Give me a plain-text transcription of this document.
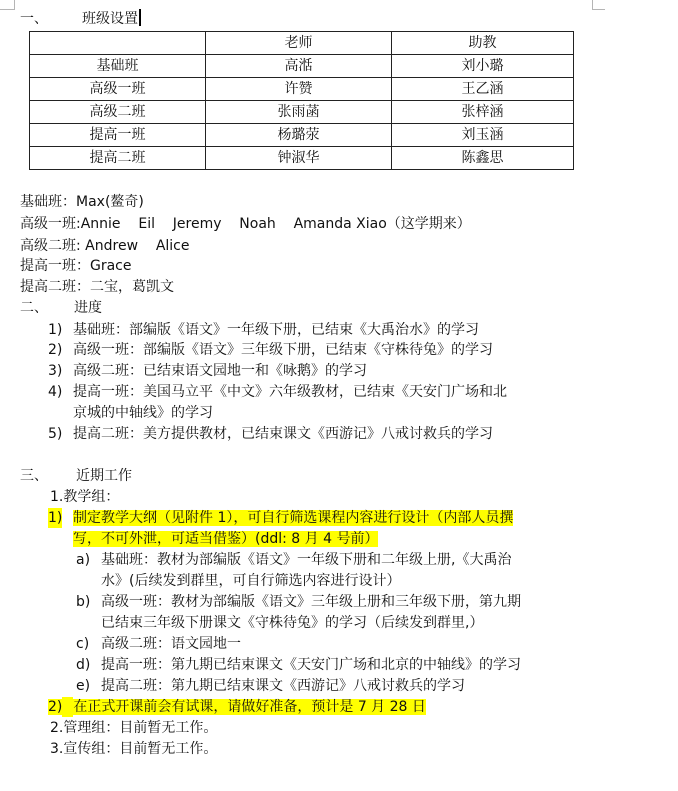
一、 班级设置
	老师	助教
基础班	高湉	刘小璐
高级一班	许赞	王乙涵
高级二班	张雨菡	张梓涵
提高一班	杨璐荥	刘玉涵
提高二班	钟淑华	陈鑫思
基础班：Max(鳌奇)
高级一班:Annie    Eil    Jeremy    Noah    Amanda Xiao（这学期来）
高级二班: Andrew    Alice
提高一班：Grace
提高二班：二宝，葛凯文
二、 进度
1) 基础班：部编版《语文》一年级下册，已结束《大禹治水》的学习
2) 高级一班：部编版《语文》三年级下册，已结束《守株待兔》的学习
3) 高级二班：已结束语文园地一和《咏鹅》的学习
4) 提高一班：美国马立平《中文》六年级教材，已结束《天安门广场和北
京城的中轴线》的学习
5) 提高二班：美方提供教材，已结束课文《西游记》八戒讨救兵的学习
三、 近期工作
1.教学组：
1) 制定教学大纲（见附件 1），可自行筛选课程内容进行设计（内部人员撰
写，不可外泄，可适当借鉴）(ddl: 8 月 4 号前）
a) 基础班：教材为部编版《语文》一年级下册和二年级上册,《大禹治
水》(后续发到群里，可自行筛选内容进行设计）
b) 高级一班：教材为部编版《语文》三年级上册和三年级下册，第九期
已结束三年级下册课文《守株待兔》的学习（后续发到群里,）
c) 高级二班：语文园地一
d) 提高一班：第九期已结束课文《天安门广场和北京的中轴线》的学习
e) 提高二班：第九期已结束课文《西游记》八戒讨救兵的学习
2) 在正式开课前会有试课，请做好准备，预计是 7 月 28 日
2.管理组：目前暂无工作。
3.宣传组：目前暂无工作。
